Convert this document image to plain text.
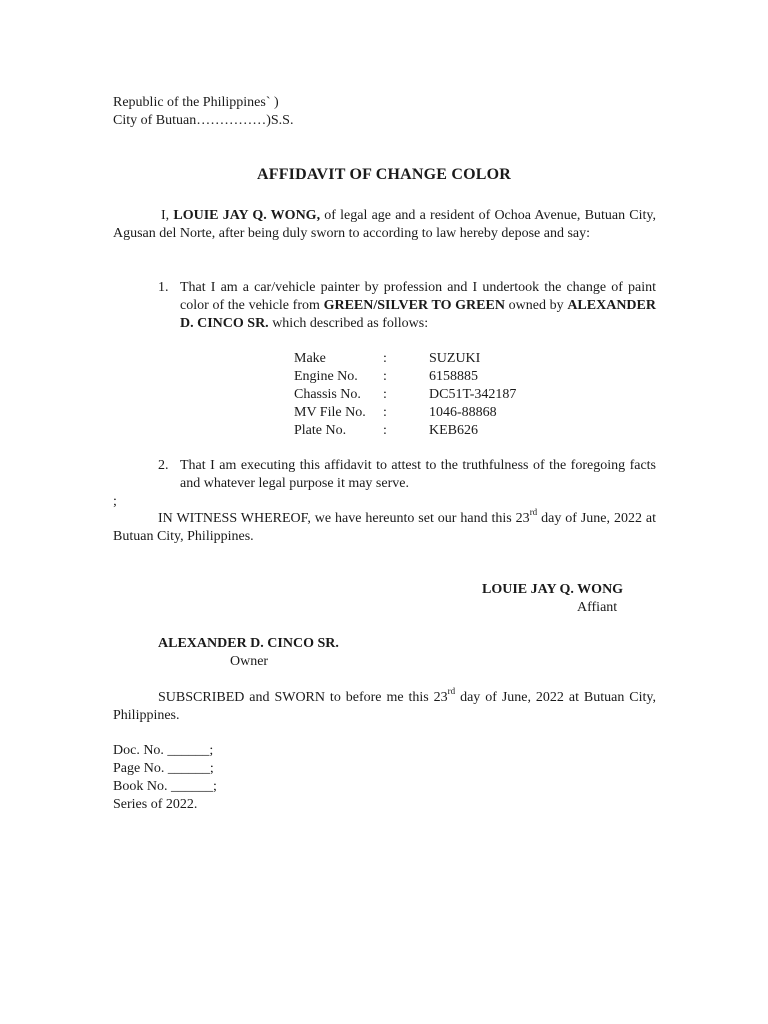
Republic of the Philippines` )
City of Butuan……………)S.S.
AFFIDAVIT OF CHANGE COLOR
I, LOUIE JAY Q. WONG, of legal age and a resident of Ochoa Avenue, Butuan City, Agusan del Norte, after being duly sworn to according to law hereby depose and say:
1. That I am a car/vehicle painter by profession and I undertook the change of paint color of the vehicle from GREEN/SILVER TO GREEN owned by ALEXANDER D. CINCO SR. which described as follows:
Make	:	SUZUKI
Engine No. :	6158885
Chassis No. :	DC51T-342187
MV File No. :	1046-88868
Plate No.	:	KEB626
2. That I am executing this affidavit to attest to the truthfulness of the foregoing facts and whatever legal purpose it may serve.
;
IN WITNESS WHEREOF, we have hereunto set our hand this 23rd day of June, 2022 at Butuan City, Philippines.
LOUIE JAY Q. WONG
Affiant
ALEXANDER D. CINCO SR.
Owner
SUBSCRIBED and SWORN to before me this 23rd day of June, 2022 at Butuan City, Philippines.
Doc. No. ______;
Page No. ______;
Book No. ______;
Series of 2022.
